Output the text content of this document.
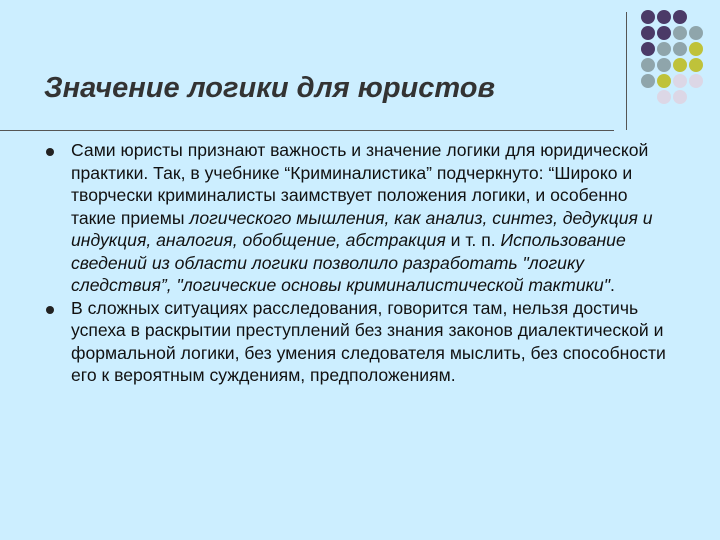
Значение логики для юристов
Сами юристы признают важность и значение логики для юридической практики. Так, в учебнике “Криминалистика” подчеркнуто: “Широко и творчески криминалисты заимствует положения логики, и особенно такие приемы логического мышления, как анализ, синтез, дедукция и индукция, аналогия, обобщение, абстракция и т. п. Использование сведений из области логики позволило разработать "логику следствия”, "логические основы криминалистической тактики".
В сложных ситуациях расследования, говорится там, нельзя достичь успеха в раскрытии преступлений без знания законов диалектической и формальной логики, без умения следователя мыслить, без способности его к вероятным суждениям, предположениям.
